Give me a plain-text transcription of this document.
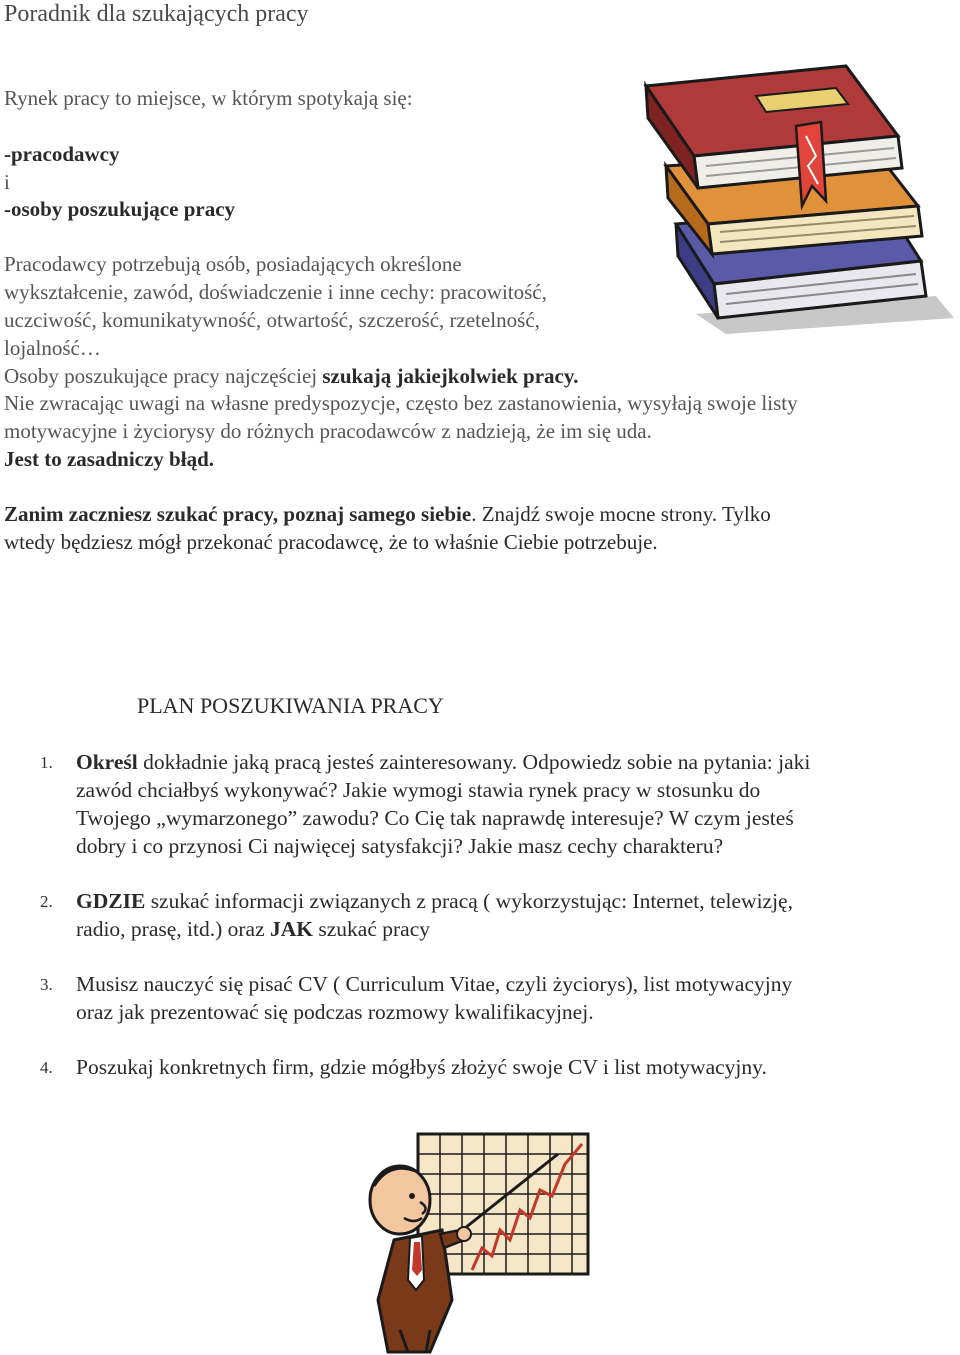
Poradnik dla szukających pracy
Rynek pracy to miejsce, w którym spotykają się:
-pracodawcy
i
-osoby poszukujące pracy
Pracodawcy potrzebują osób, posiadających określone
wykształcenie, zawód, doświadczenie i inne cechy: pracowitość,
uczciwość, komunikatywność, otwartość, szczerość, rzetelność,
lojalność…
Osoby poszukujące pracy najczęściej szukają jakiejkolwiek pracy.
Nie zwracając uwagi na własne predyspozycje, często bez zastanowienia, wysyłają swoje listy
motywacyjne i życiorysy do różnych pracodawców z nadzieją, że im się uda.
Jest to zasadniczy błąd.
Zanim zaczniesz szukać pracy, poznaj samego siebie. Znajdź swoje mocne strony. Tylko
wtedy będziesz mógł przekonać pracodawcę, że to właśnie Ciebie potrzebuje.
PLAN POSZUKIWANIA PRACY
1. Określ dokładnie jaką pracą jesteś zainteresowany. Odpowiedz sobie na pytania: jaki
zawód chciałbyś wykonywać? Jakie wymogi stawia rynek pracy w stosunku do
Twojego „wymarzonego” zawodu? Co Cię tak naprawdę interesuje? W czym jesteś
dobry i co przynosi Ci najwięcej satysfakcji? Jakie masz cechy charakteru?
2. GDZIE szukać informacji związanych z pracą ( wykorzystując: Internet, telewizję,
radio, prasę, itd.) oraz JAK szukać pracy
3. Musisz nauczyć się pisać CV ( Curriculum Vitae, czyli życiorys), list motywacyjny
oraz jak prezentować się podczas rozmowy kwalifikacyjnej.
4. Poszukaj konkretnych firm, gdzie mógłbyś złożyć swoje CV i list motywacyjny.
